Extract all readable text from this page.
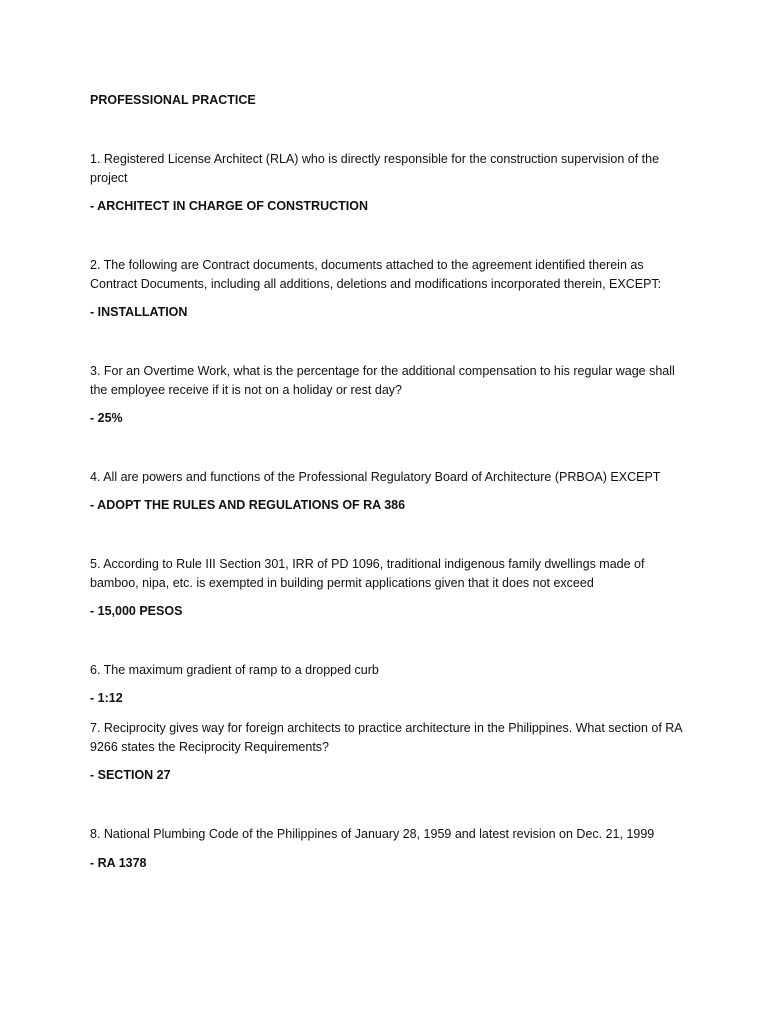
PROFESSIONAL PRACTICE
1. Registered License Architect (RLA) who is directly responsible for the construction supervision of the project
- ARCHITECT IN CHARGE OF CONSTRUCTION
2. The following are Contract documents, documents attached to the agreement identified therein as Contract Documents, including all additions, deletions and modifications incorporated therein, EXCEPT:
- INSTALLATION
3. For an Overtime Work, what is the percentage for the additional compensation to his regular wage shall the employee receive if it is not on a holiday or rest day?
- 25%
4. All are powers and functions of the Professional Regulatory Board of Architecture (PRBOA) EXCEPT
- ADOPT THE RULES AND REGULATIONS OF RA 386
5. According to Rule III Section 301, IRR of PD 1096, traditional indigenous family dwellings made of bamboo, nipa, etc. is exempted in building permit applications given that it does not exceed
- 15,000 PESOS
6. The maximum gradient of ramp to a dropped curb
- 1:12
7. Reciprocity gives way for foreign architects to practice architecture in the Philippines. What section of RA 9266 states the Reciprocity Requirements?
- SECTION 27
8. National Plumbing Code of the Philippines of January 28, 1959 and latest revision on Dec. 21, 1999
- RA 1378
